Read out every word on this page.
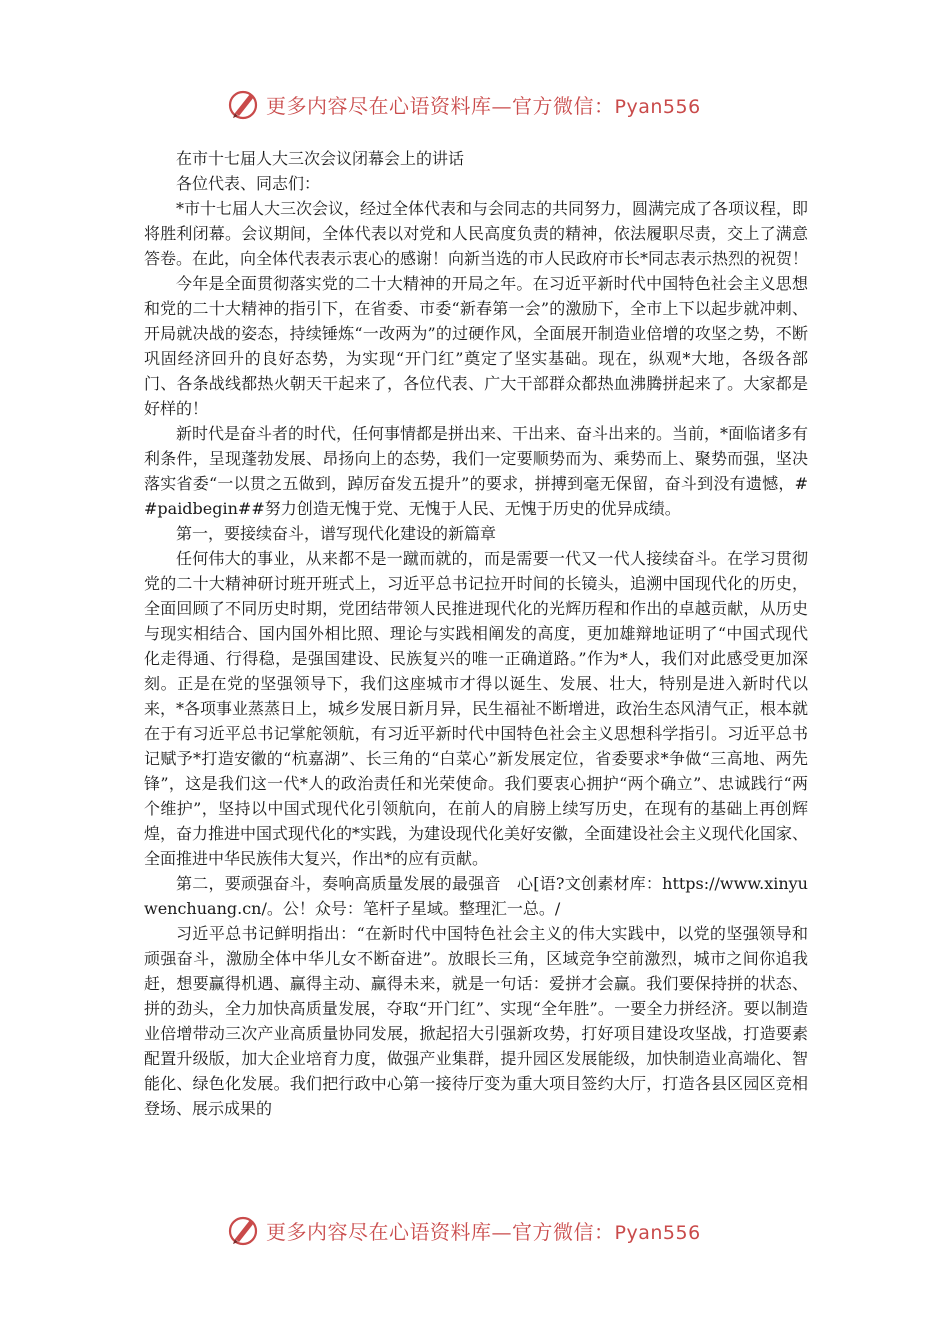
更多内容尽在心语资料库—官方微信：Pyan556

在市十七届人大三次会议闭幕会上的讲话

各位代表、同志们：

*市十七届人大三次会议，经过全体代表和与会同志的共同努力，圆满完成了各项议程，即将胜利闭幕。会议期间，全体代表以对党和人民高度负责的精神，依法履职尽责，交上了满意答卷。在此，向全体代表表示衷心的感谢！向新当选的市人民政府市长*同志表示热烈的祝贺！

今年是全面贯彻落实党的二十大精神的开局之年。在习近平新时代中国特色社会主义思想和党的二十大精神的指引下，在省委、市委“新春第一会”的激励下，全市上下以起步就冲刺、开局就决战的姿态，持续锤炼“一改两为”的过硬作风，全面展开制造业倍增的攻坚之势，不断巩固经济回升的良好态势，为实现“开门红”奠定了坚实基础。现在，纵观*大地，各级各部门、各条战线都热火朝天干起来了，各位代表、广大干部群众都热血沸腾拼起来了。大家都是好样的！

新时代是奋斗者的时代，任何事情都是拼出来、干出来、奋斗出来的。当前，*面临诸多有利条件，呈现蓬勃发展、昂扬向上的态势，我们一定要顺势而为、乘势而上、聚势而强，坚决落实省委“一以贯之五做到，踔厉奋发五提升”的要求，拼搏到毫无保留，奋斗到没有遗憾，##paidbegin##努力创造无愧于党、无愧于人民、无愧于历史的优异成绩。

第一，要接续奋斗，谱写现代化建设的新篇章

任何伟大的事业，从来都不是一蹴而就的，而是需要一代又一代人接续奋斗。在学习贯彻党的二十大精神研讨班开班式上，习近平总书记拉开时间的长镜头，追溯中国现代化的历史，全面回顾了不同历史时期，党团结带领人民推进现代化的光辉历程和作出的卓越贡献，从历史与现实相结合、国内国外相比照、理论与实践相阐发的高度，更加雄辩地证明了“中国式现代化走得通、行得稳，是强国建设、民族复兴的唯一正确道路。”作为*人，我们对此感受更加深刻。正是在党的坚强领导下，我们这座城市才得以诞生、发展、壮大，特别是进入新时代以来，*各项事业蒸蒸日上，城乡发展日新月异，民生福祉不断增进，政治生态风清气正，根本就在于有习近平总书记掌舵领航，有习近平新时代中国特色社会主义思想科学指引。习近平总书记赋予*打造安徽的“杭嘉湖”、长三角的“白菜心”新发展定位，省委要求*争做“三高地、两先锋”，这是我们这一代*人的政治责任和光荣使命。我们要衷心拥护“两个确立”、忠诚践行“两个维护”，坚持以中国式现代化引领航向，在前人的肩膀上续写历史，在现有的基础上再创辉煌，奋力推进中国式现代化的*实践，为建设现代化美好安徽，全面建设社会主义现代化国家、全面推进中华民族伟大复兴，作出*的应有贡献。

第二，要顽强奋斗，奏响高质量发展的最强音　心[语?文创素材库：https://www.xinyuwenchuang.cn/。公！众号：笔杆子星域。整理汇一总。/

习近平总书记鲜明指出：“在新时代中国特色社会主义的伟大实践中，以党的坚强领导和顽强奋斗，激励全体中华儿女不断奋进”。放眼长三角，区域竞争空前激烈，城市之间你追我赶，想要赢得机遇、赢得主动、赢得未来，就是一句话：爱拼才会赢。我们要保持拼的状态、拼的劲头，全力加快高质量发展，夺取“开门红”、实现“全年胜”。一要全力拼经济。要以制造业倍增带动三次产业高质量协同发展，掀起招大引强新攻势，打好项目建设攻坚战，打造要素配置升级版，加大企业培育力度，做强产业集群，提升园区发展能级，加快制造业高端化、智能化、绿色化发展。我们把行政中心第一接待厅变为重大项目签约大厅，打造各县区园区竞相登场、展示成果的

更多内容尽在心语资料库—官方微信：Pyan556
